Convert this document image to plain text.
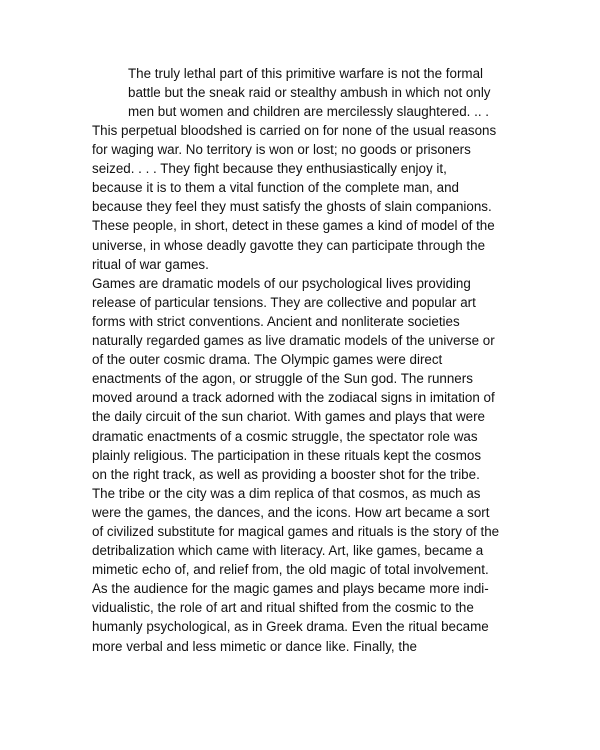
The truly lethal part of this primitive warfare is not the formal
battle but the sneak raid or stealthy ambush in which not only
men but women and children are mercilessly slaughtered. .. .
This perpetual bloodshed is carried on for none of the usual reasons
for waging war. No territory is won or lost; no goods or prisoners
seized. . . . They fight because they enthusiastically enjoy it,
because it is to them a vital function of the complete man, and
because they feel they must satisfy the ghosts of slain companions.
These people, in short, detect in these games a kind of model of the
universe, in whose deadly gavotte they can participate through the
ritual of war games.
Games are dramatic models of our psychological lives providing
release of particular tensions. They are collective and popular art
forms with strict conventions. Ancient and nonliterate societies
naturally regarded games as live dramatic models of the universe or
of the outer cosmic drama. The Olympic games were direct
enactments of the agon, or struggle of the Sun god. The runners
moved around a track adorned with the zodiacal signs in imitation of
the daily circuit of the sun chariot. With games and plays that were
dramatic enactments of a cosmic struggle, the spectator role was
plainly religious. The participation in these rituals kept the cosmos
on the right track, as well as providing a booster shot for the tribe.
The tribe or the city was a dim replica of that cosmos, as much as
were the games, the dances, and the icons. How art became a sort
of civilized substitute for magical games and rituals is the story of the
detribalization which came with literacy. Art, like games, became a
mimetic echo of, and relief from, the old magic of total involvement.
As the audience for the magic games and plays became more indi-
vidualistic, the role of art and ritual shifted from the cosmic to the
humanly psychological, as in Greek drama. Even the ritual became
more verbal and less mimetic or dance like. Finally, the
